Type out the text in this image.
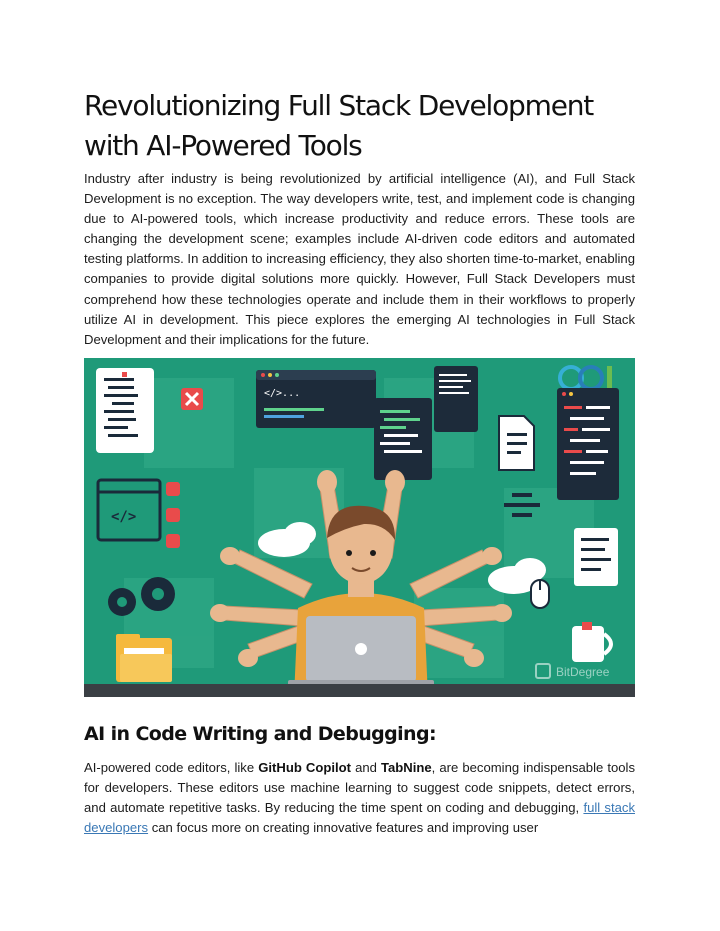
Revolutionizing Full Stack Development with AI-Powered Tools

Industry after industry is being revolutionized by artificial intelligence (AI), and Full Stack Development is no exception. The way developers write, test, and implement code is changing due to AI-powered tools, which increase productivity and reduce errors. These tools are changing the development scene; examples include AI-driven code editors and automated testing platforms. In addition to increasing efficiency, they also shorten time-to-market, enabling companies to provide digital solutions more quickly. However, Full Stack Developers must comprehend how these technologies operate and include them in their workflows to properly utilize AI in development. This piece explores the emerging AI technologies in Full Stack Development and their implications for the future.

</>...
</>
BitDegree
AI in Code Writing and Debugging:

AI-powered code editors, like GitHub Copilot and TabNine, are becoming indispensable tools for developers. These editors use machine learning to suggest code snippets, detect errors, and automate repetitive tasks. By reducing the time spent on coding and debugging, full stack developers can focus more on creating innovative features and improving user
